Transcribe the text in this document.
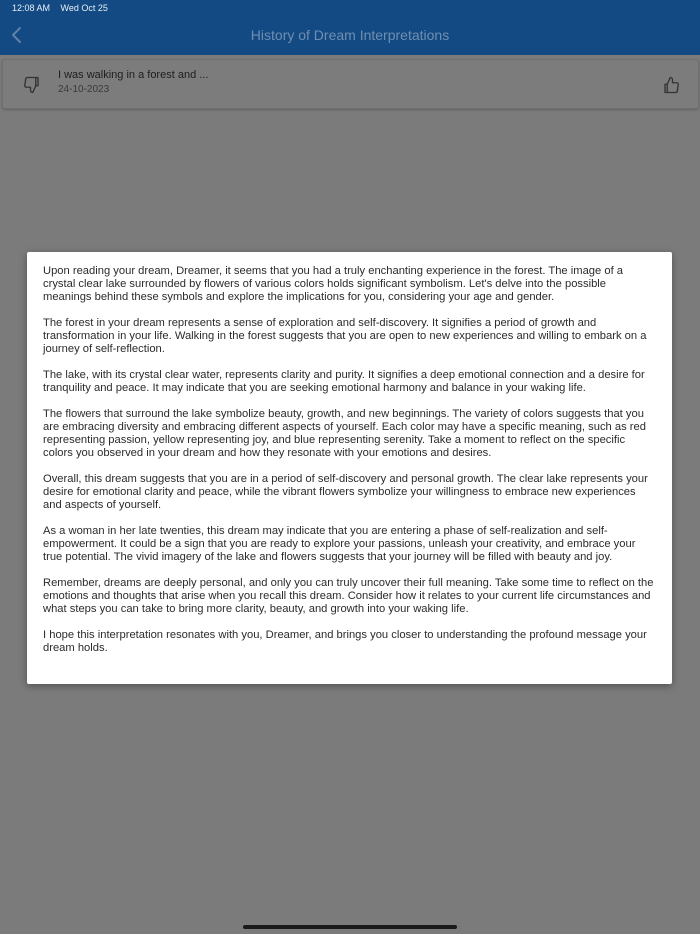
12:08 AM Wed Oct 25
History of Dream Interpretations
I was walking in a forest and ...
24-10-2023

Upon reading your dream, Dreamer, it seems that you had a truly enchanting experience in the forest. The image of a crystal clear lake surrounded by flowers of various colors holds significant symbolism. Let's delve into the possible meanings behind these symbols and explore the implications for you, considering your age and gender.

The forest in your dream represents a sense of exploration and self-discovery. It signifies a period of growth and transformation in your life. Walking in the forest suggests that you are open to new experiences and willing to embark on a journey of self-reflection.

The lake, with its crystal clear water, represents clarity and purity. It signifies a deep emotional connection and a desire for tranquility and peace. It may indicate that you are seeking emotional harmony and balance in your waking life.

The flowers that surround the lake symbolize beauty, growth, and new beginnings. The variety of colors suggests that you are embracing diversity and embracing different aspects of yourself. Each color may have a specific meaning, such as red representing passion, yellow representing joy, and blue representing serenity. Take a moment to reflect on the specific colors you observed in your dream and how they resonate with your emotions and desires.

Overall, this dream suggests that you are in a period of self-discovery and personal growth. The clear lake represents your desire for emotional clarity and peace, while the vibrant flowers symbolize your willingness to embrace new experiences and aspects of yourself.

As a woman in her late twenties, this dream may indicate that you are entering a phase of self-realization and self-empowerment. It could be a sign that you are ready to explore your passions, unleash your creativity, and embrace your true potential. The vivid imagery of the lake and flowers suggests that your journey will be filled with beauty and joy.

Remember, dreams are deeply personal, and only you can truly uncover their full meaning. Take some time to reflect on the emotions and thoughts that arise when you recall this dream. Consider how it relates to your current life circumstances and what steps you can take to bring more clarity, beauty, and growth into your waking life.

I hope this interpretation resonates with you, Dreamer, and brings you closer to understanding the profound message your dream holds.
